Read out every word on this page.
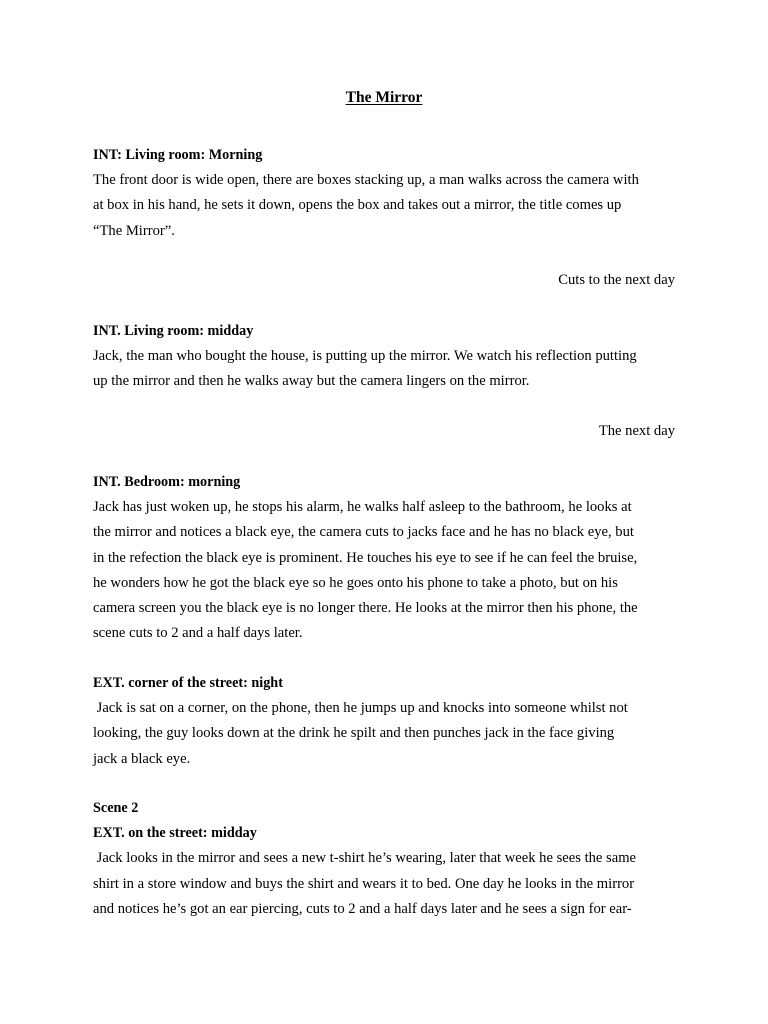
The Mirror
INT: Living room: Morning
The front door is wide open, there are boxes stacking up, a man walks across the camera with
at box in his hand, he sets it down, opens the box and takes out a mirror, the title comes up
“The Mirror”.
Cuts to the next day
INT. Living room: midday
Jack, the man who bought the house, is putting up the mirror. We watch his reflection putting
up the mirror and then he walks away but the camera lingers on the mirror.
The next day
INT. Bedroom: morning
Jack has just woken up, he stops his alarm, he walks half asleep to the bathroom, he looks at
the mirror and notices a black eye, the camera cuts to jacks face and he has no black eye, but
in the refection the black eye is prominent. He touches his eye to see if he can feel the bruise,
he wonders how he got the black eye so he goes onto his phone to take a photo, but on his
camera screen you the black eye is no longer there. He looks at the mirror then his phone, the
scene cuts to 2 and a half days later.
EXT. corner of the street: night
Jack is sat on a corner, on the phone, then he jumps up and knocks into someone whilst not
looking, the guy looks down at the drink he spilt and then punches jack in the face giving
jack a black eye.
Scene 2
EXT. on the street: midday
Jack looks in the mirror and sees a new t-shirt he’s wearing, later that week he sees the same
shirt in a store window and buys the shirt and wears it to bed. One day he looks in the mirror
and notices he’s got an ear piercing, cuts to 2 and a half days later and he sees a sign for ear-
